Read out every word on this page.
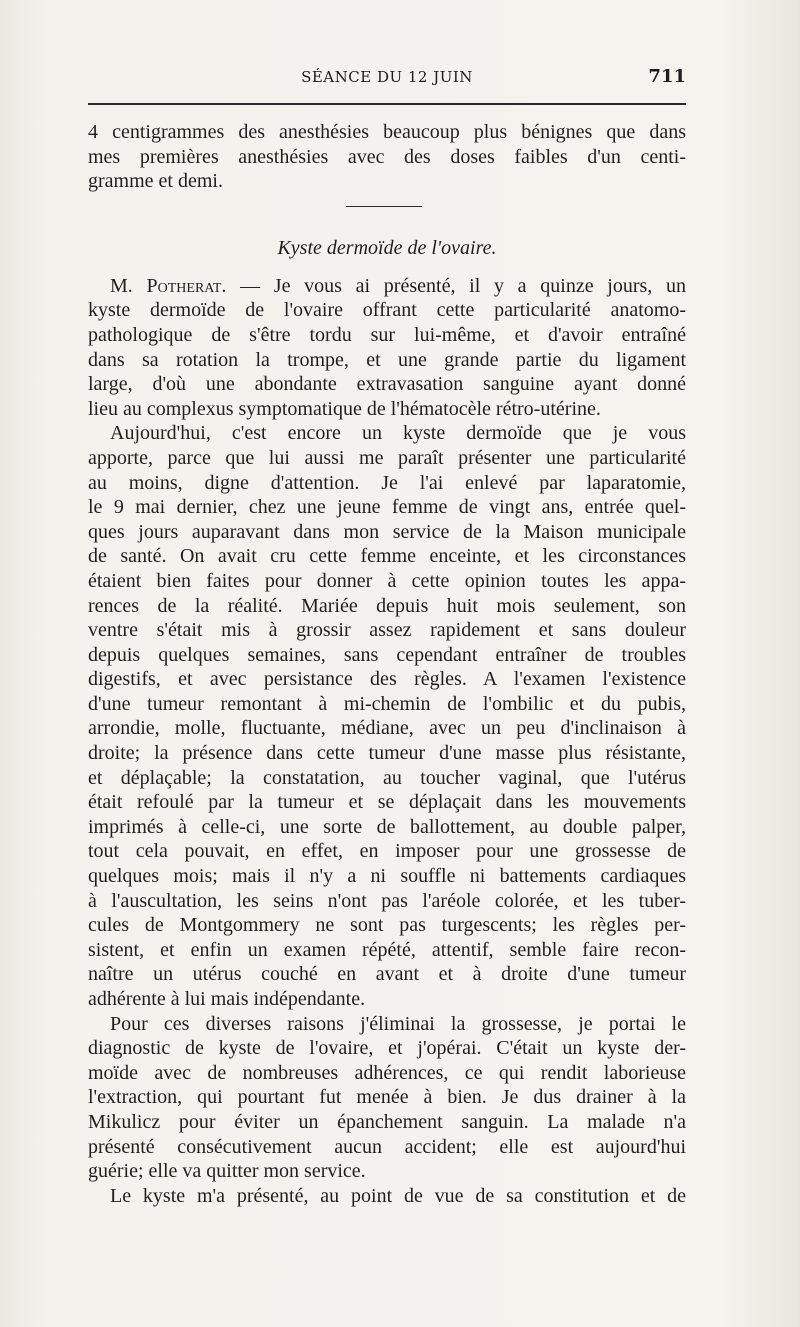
SÉANCE DU 12 JUIN	711
4 centigrammes des anesthésies beaucoup plus bénignes que dans
mes premières anesthésies avec des doses faibles d'un centi-
gramme et demi.
Kyste dermoïde de l'ovaire.
M. Potherat. — Je vous ai présenté, il y a quinze jours, un
kyste dermoïde de l'ovaire offrant cette particularité anatomo-
pathologique de s'être tordu sur lui-même, et d'avoir entraîné
dans sa rotation la trompe, et une grande partie du ligament
large, d'où une abondante extravasation sanguine ayant donné
lieu au complexus symptomatique de l'hématocèle rétro-utérine.
Aujourd'hui, c'est encore un kyste dermoïde que je vous
apporte, parce que lui aussi me paraît présenter une particularité
au moins, digne d'attention. Je l'ai enlevé par laparatomie,
le 9 mai dernier, chez une jeune femme de vingt ans, entrée quel-
ques jours auparavant dans mon service de la Maison municipale
de santé. On avait cru cette femme enceinte, et les circonstances
étaient bien faites pour donner à cette opinion toutes les appa-
rences de la réalité. Mariée depuis huit mois seulement, son
ventre s'était mis à grossir assez rapidement et sans douleur
depuis quelques semaines, sans cependant entraîner de troubles
digestifs, et avec persistance des règles. A l'examen l'existence
d'une tumeur remontant à mi-chemin de l'ombilic et du pubis,
arrondie, molle, fluctuante, médiane, avec un peu d'inclinaison à
droite; la présence dans cette tumeur d'une masse plus résistante,
et déplaçable; la constatation, au toucher vaginal, que l'utérus
était refoulé par la tumeur et se déplaçait dans les mouvements
imprimés à celle-ci, une sorte de ballottement, au double palper,
tout cela pouvait, en effet, en imposer pour une grossesse de
quelques mois; mais il n'y a ni souffle ni battements cardiaques
à l'auscultation, les seins n'ont pas l'aréole colorée, et les tuber-
cules de Montgommery ne sont pas turgescents; les règles per-
sistent, et enfin un examen répété, attentif, semble faire recon-
naître un utérus couché en avant et à droite d'une tumeur
adhérente à lui mais indépendante.
Pour ces diverses raisons j'éliminai la grossesse, je portai le
diagnostic de kyste de l'ovaire, et j'opérai. C'était un kyste der-
moïde avec de nombreuses adhérences, ce qui rendit laborieuse
l'extraction, qui pourtant fut menée à bien. Je dus drainer à la
Mikulicz pour éviter un épanchement sanguin. La malade n'a
présenté consécutivement aucun accident; elle est aujourd'hui
guérie; elle va quitter mon service.
Le kyste m'a présenté, au point de vue de sa constitution et de
